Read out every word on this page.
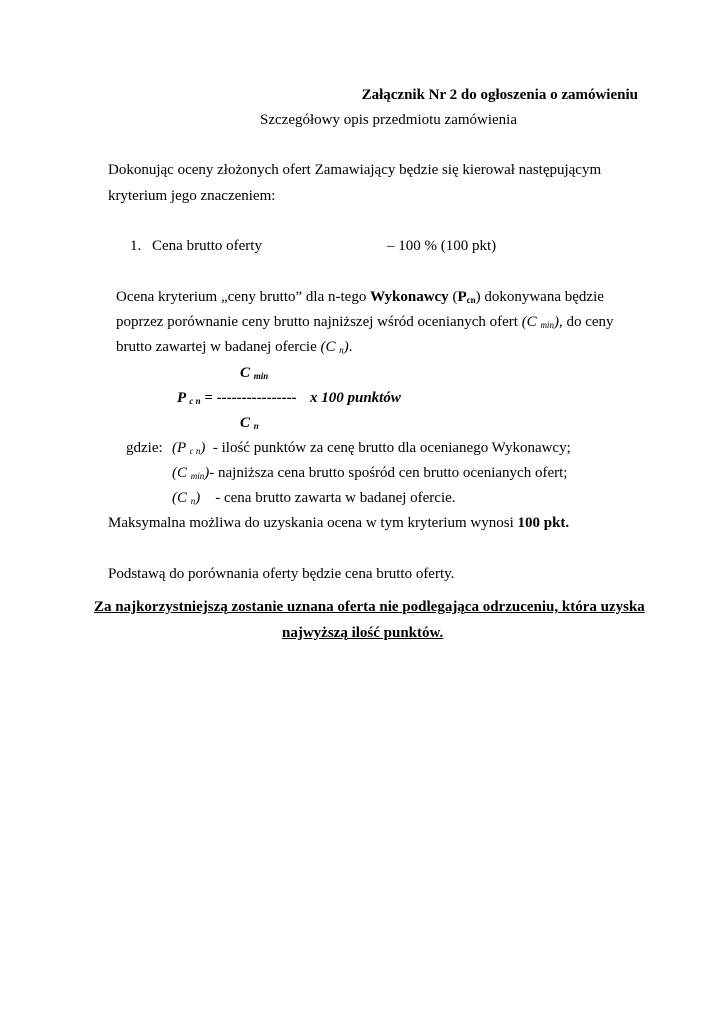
Załącznik Nr 2 do ogłoszenia o zamówieniu
Szczegółowy opis przedmiotu zamówienia
Dokonując oceny złożonych ofert Zamawiający będzie się kierował następującym
kryterium jego znaczeniem:
1. Cena brutto oferty	– 100 % (100 pkt)
Ocena kryterium „ceny brutto” dla n-tego Wykonawcy $(P_{cn})$ dokonywana będzie
poprzez porównanie ceny brutto najniższej wśród ocenianych ofert (C $_{min}$), do ceny
brutto zawartej w badanej ofercie (C $_n$).
C $_{min}$
P $_{c n}$ = ---------------- x 100 punktów
C $_n$
gdzie: (P $_{c n}$)  - ilość punktów za cenę brutto dla ocenianego Wykonawcy;
(C $_{min}$)- najniższa cena brutto spośród cen brutto ocenianych ofert;
(C $_n$)    - cena brutto zawarta w badanej ofercie.
Maksymalna możliwa do uzyskania ocena w tym kryterium wynosi 100 pkt.
Podstawą do porównania oferty będzie cena brutto oferty.
Za najkorzystniejszą zostanie uznana oferta nie podlegająca odrzuceniu, która uzyska
najwyższą ilość punktów.
